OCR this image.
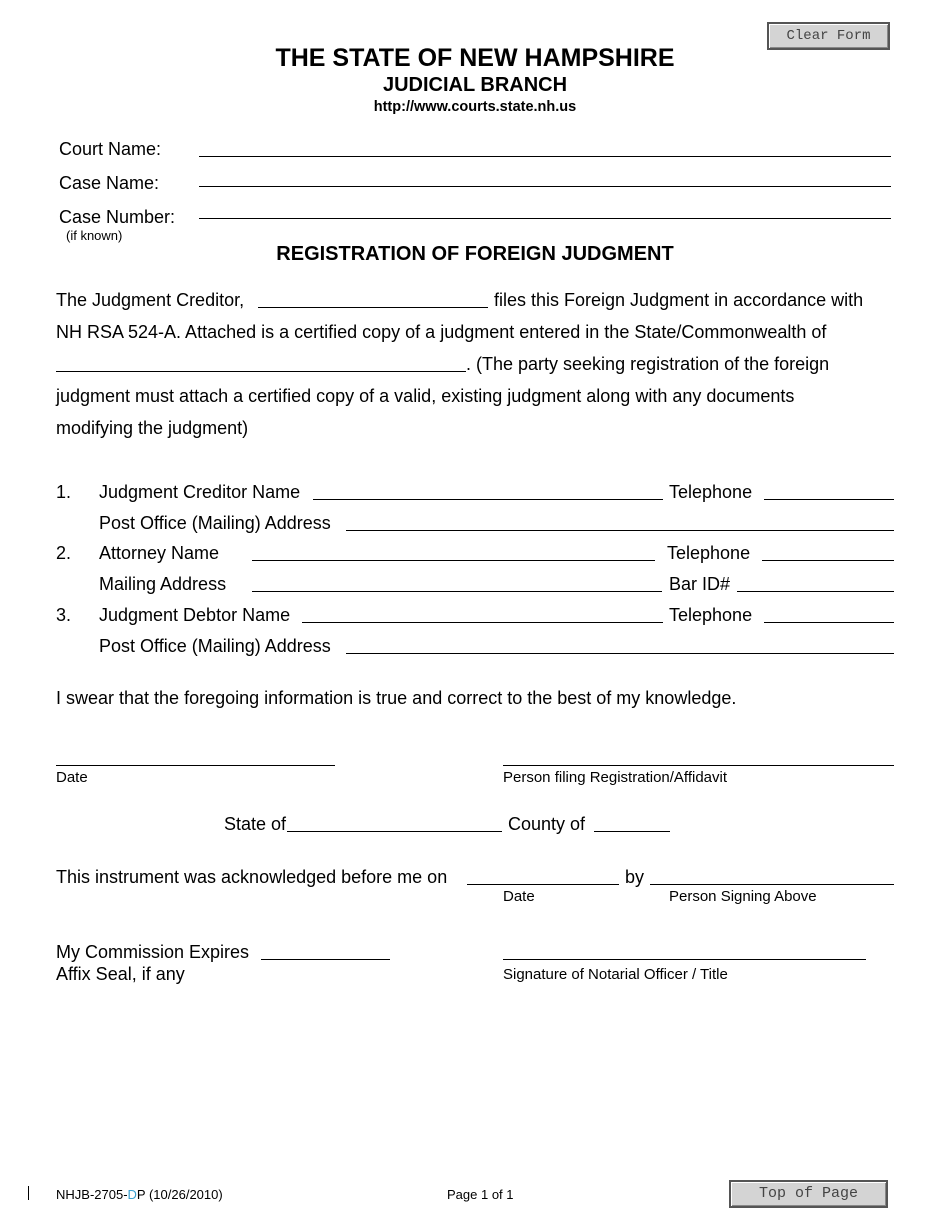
Clear Form
THE STATE OF NEW HAMPSHIRE
JUDICIAL BRANCH
http://www.courts.state.nh.us
Court Name:
Case Name:
Case Number:
(if known)
REGISTRATION OF FOREIGN JUDGMENT
The Judgment Creditor,	files this Foreign Judgment in accordance with
NH RSA 524-A. Attached is a certified copy of a judgment entered in the State/Commonwealth of
. (The party seeking registration of the foreign
judgment must attach a certified copy of a valid, existing judgment along with any documents
modifying the judgment)
1. Judgment Creditor Name	Telephone
Post Office (Mailing) Address
2. Attorney Name	Telephone
Mailing Address	Bar ID#
3. Judgment Debtor Name	Telephone
Post Office (Mailing) Address
I swear that the foregoing information is true and correct to the best of my knowledge.
Date	Person filing Registration/Affidavit
State of	County of
This instrument was acknowledged before me on	by
Date	Person Signing Above
My Commission Expires
Affix Seal, if any	Signature of Notarial Officer / Title
NHJB-2705-DP (10/26/2010)	Page 1 of 1	Top of Page
